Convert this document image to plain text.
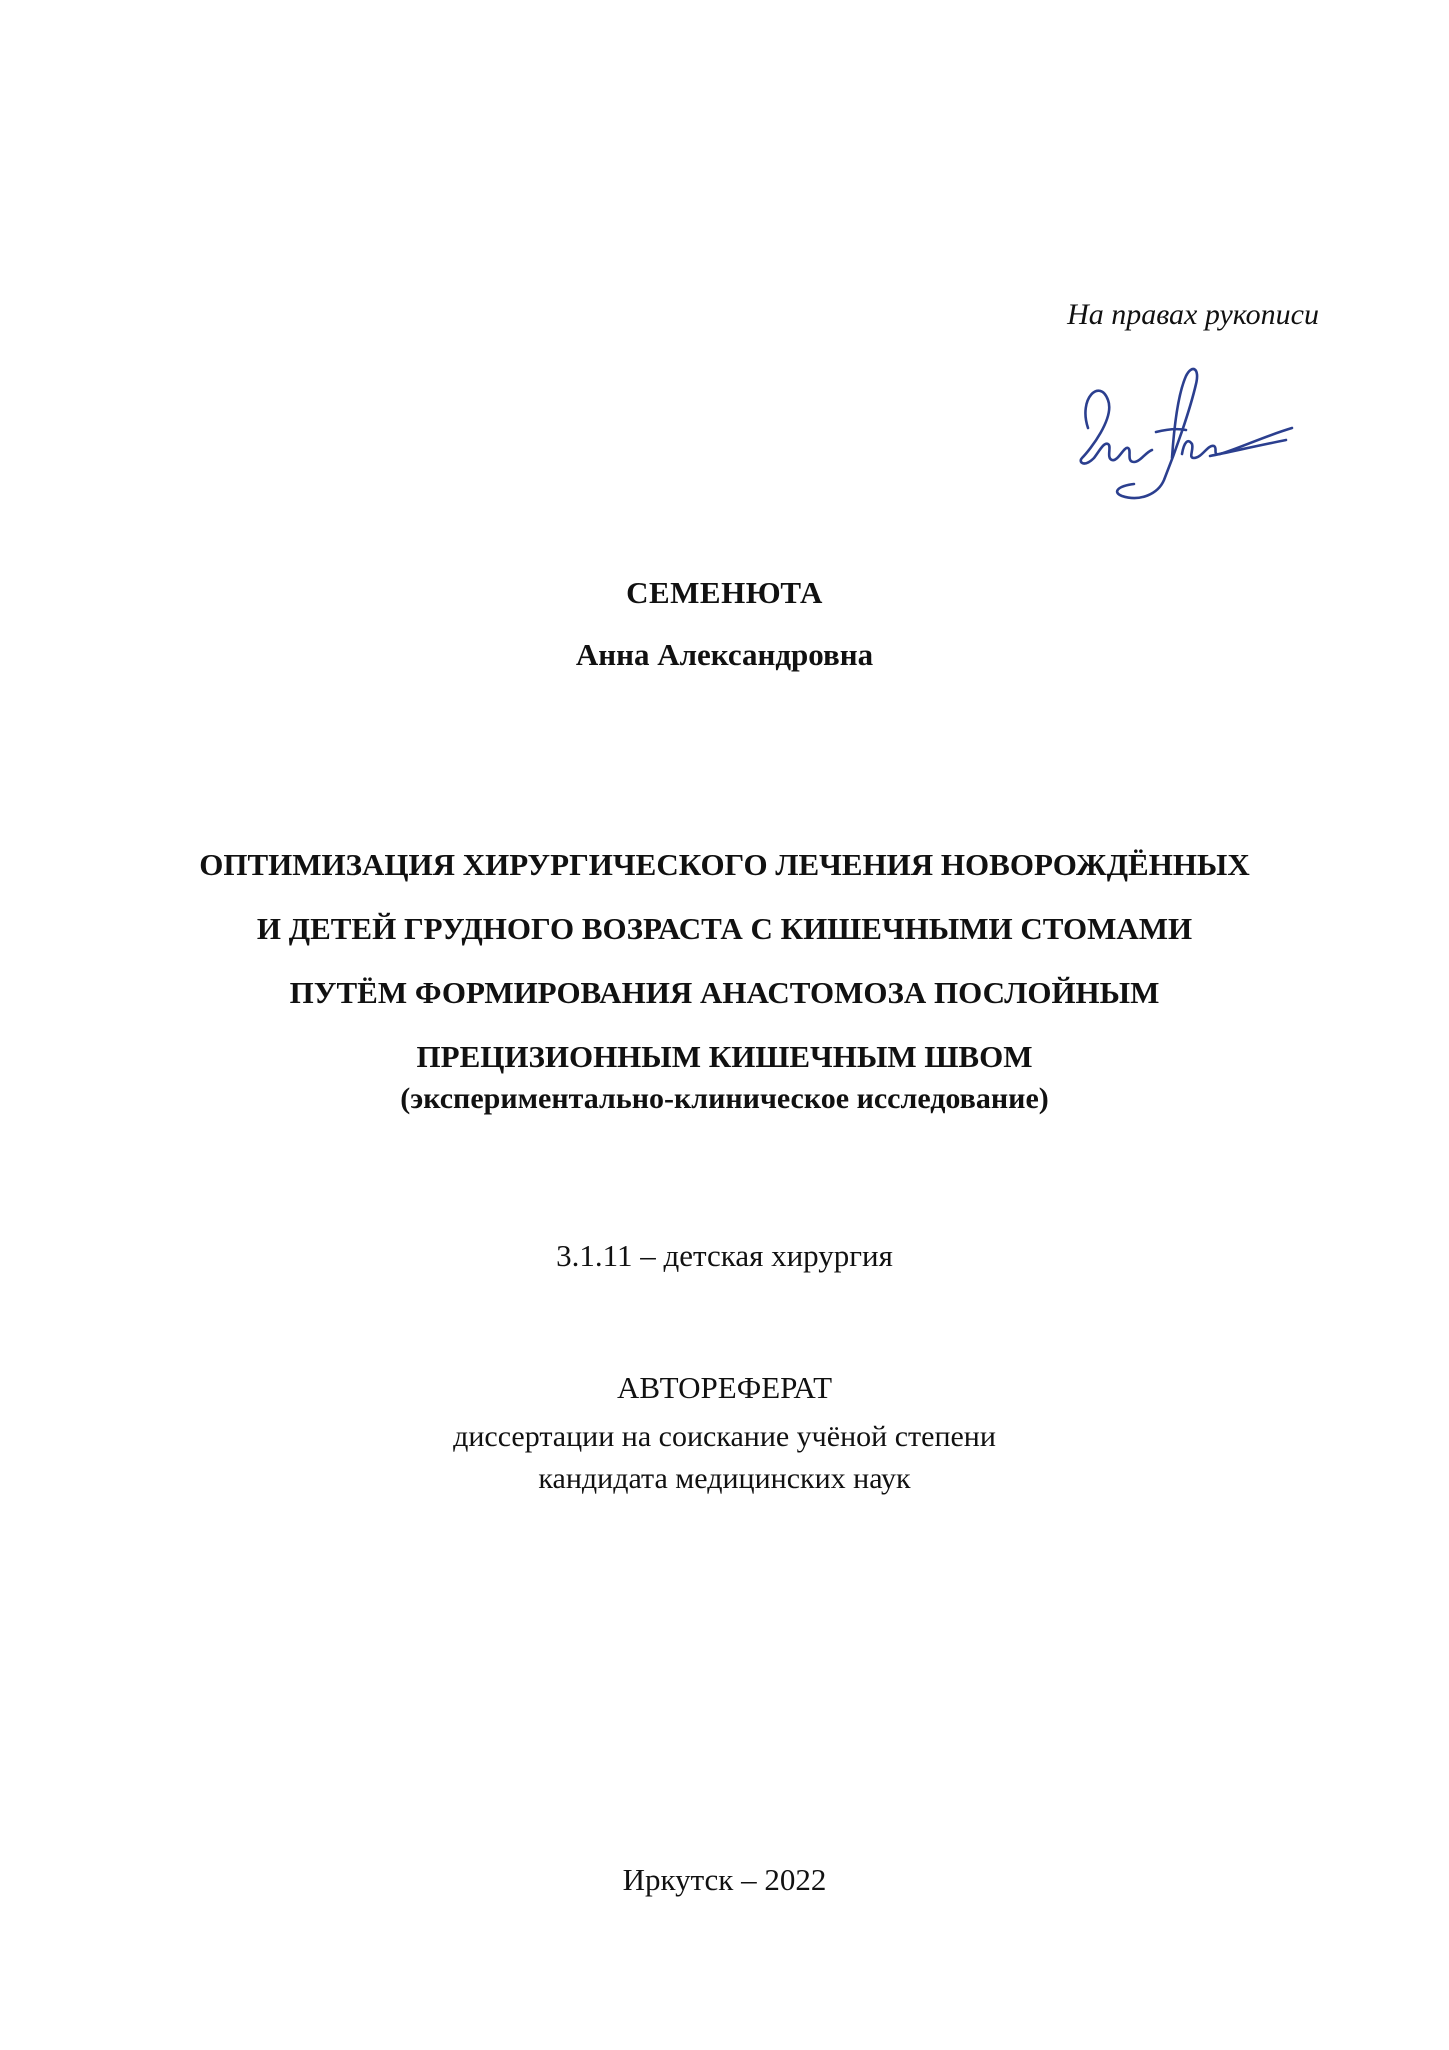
На правах рукописи
СЕМЕНЮТА
Анна Александровна
ОПТИМИЗАЦИЯ ХИРУРГИЧЕСКОГО ЛЕЧЕНИЯ НОВОРОЖДЁННЫХ
И ДЕТЕЙ ГРУДНОГО ВОЗРАСТА С КИШЕЧНЫМИ СТОМАМИ
ПУТЁМ ФОРМИРОВАНИЯ АНАСТОМОЗА ПОСЛОЙНЫМ
ПРЕЦИЗИОННЫМ КИШЕЧНЫМ ШВОМ
(экспериментально-клиническое исследование)
3.1.11 – детская хирургия
АВТОРЕФЕРАТ
диссертации на соискание учёной степени
кандидата медицинских наук
Иркутск – 2022
